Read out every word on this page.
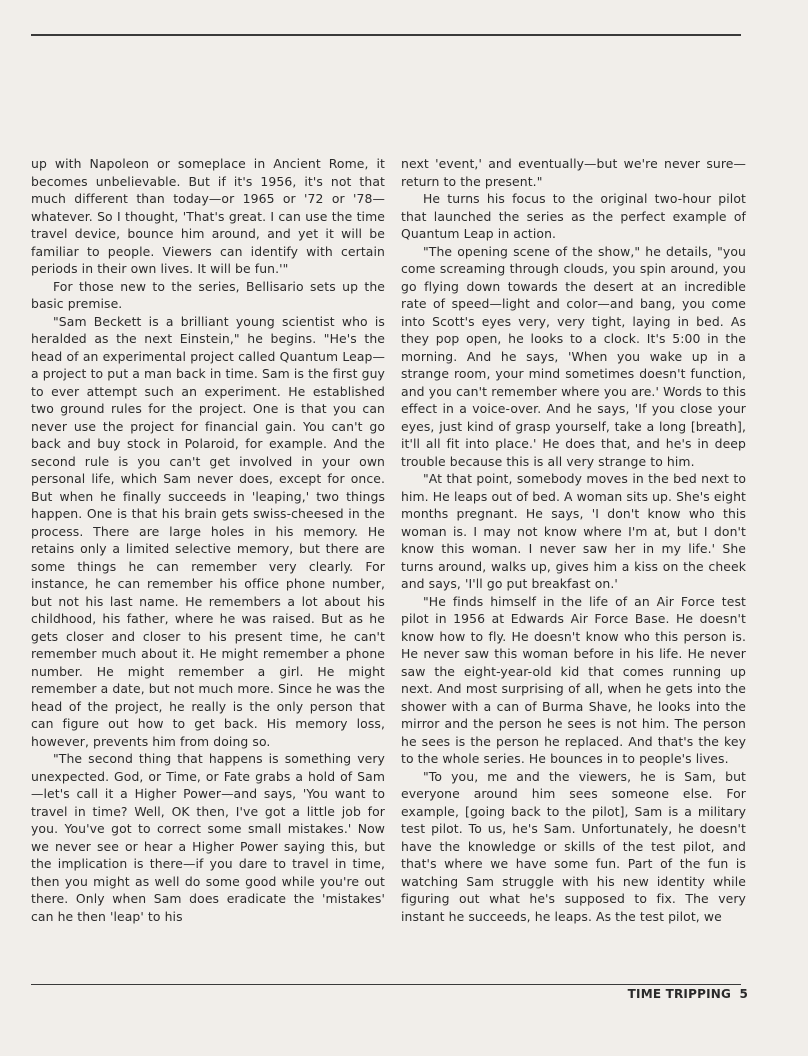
up with Napoleon or someplace in Ancient Rome, it becomes unbelievable. But if it's 1956, it's not that much different than today—or 1965 or '72 or '78—whatever. So I thought, 'That's great. I can use the time travel device, bounce him around, and yet it will be familiar to people. Viewers can identify with certain periods in their own lives. It will be fun.'"

For those new to the series, Bellisario sets up the basic premise.

"Sam Beckett is a brilliant young scientist who is heralded as the next Einstein," he begins. "He's the head of an experimental project called Quantum Leap—a project to put a man back in time. Sam is the first guy to ever attempt such an experiment. He established two ground rules for the project. One is that you can never use the project for financial gain. You can't go back and buy stock in Polaroid, for example. And the second rule is you can't get involved in your own personal life, which Sam never does, except for once. But when he finally succeeds in 'leaping,' two things happen. One is that his brain gets swiss-cheesed in the process. There are large holes in his memory. He retains only a limited selective memory, but there are some things he can remember very clearly. For instance, he can remember his office phone number, but not his last name. He remembers a lot about his childhood, his father, where he was raised. But as he gets closer and closer to his present time, he can't remember much about it. He might remember a phone number. He might remember a girl. He might remember a date, but not much more. Since he was the head of the project, he really is the only person that can figure out how to get back. His memory loss, however, prevents him from doing so.

"The second thing that happens is something very unexpected. God, or Time, or Fate grabs a hold of Sam—let's call it a Higher Power—and says, 'You want to travel in time? Well, OK then, I've got a little job for you. You've got to correct some small mistakes.' Now we never see or hear a Higher Power saying this, but the implication is there—if you dare to travel in time, then you might as well do some good while you're out there. Only when Sam does eradicate the 'mistakes' can he then 'leap' to his

next 'event,' and eventually—but we're never sure—return to the present."

He turns his focus to the original two-hour pilot that launched the series as the perfect example of Quantum Leap in action.

"The opening scene of the show," he details, "you come screaming through clouds, you spin around, you go flying down towards the desert at an incredible rate of speed—light and color—and bang, you come into Scott's eyes very, very tight, laying in bed. As they pop open, he looks to a clock. It's 5:00 in the morning. And he says, 'When you wake up in a strange room, your mind sometimes doesn't function, and you can't remember where you are.' Words to this effect in a voice-over. And he says, 'If you close your eyes, just kind of grasp yourself, take a long [breath], it'll all fit into place.' He does that, and he's in deep trouble because this is all very strange to him.

"At that point, somebody moves in the bed next to him. He leaps out of bed. A woman sits up. She's eight months pregnant. He says, 'I don't know who this woman is. I may not know where I'm at, but I don't know this woman. I never saw her in my life.' She turns around, walks up, gives him a kiss on the cheek and says, 'I'll go put breakfast on.'

"He finds himself in the life of an Air Force test pilot in 1956 at Edwards Air Force Base. He doesn't know how to fly. He doesn't know who this person is. He never saw this woman before in his life. He never saw the eight-year-old kid that comes running up next. And most surprising of all, when he gets into the shower with a can of Burma Shave, he looks into the mirror and the person he sees is not him. The person he sees is the person he replaced. And that's the key to the whole series. He bounces in to people's lives.

"To you, me and the viewers, he is Sam, but everyone around him sees someone else. For example, [going back to the pilot], Sam is a military test pilot. To us, he's Sam. Unfortunately, he doesn't have the knowledge or skills of the test pilot, and that's where we have some fun. Part of the fun is watching Sam struggle with his new identity while figuring out what he's supposed to fix. The very instant he succeeds, he leaps. As the test pilot, we

TIME TRIPPING 5
